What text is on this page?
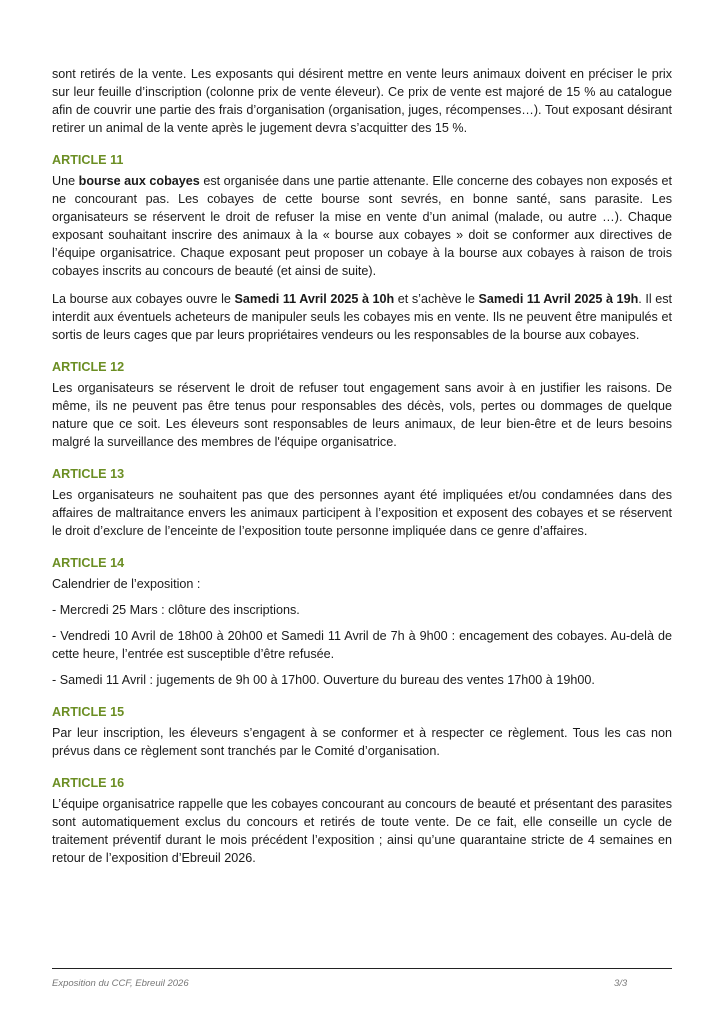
sont retirés de la vente. Les exposants qui désirent mettre en vente leurs animaux doivent en préciser le prix sur leur feuille d’inscription (colonne prix de vente éleveur). Ce prix de vente est majoré de 15 % au catalogue afin de couvrir une partie des frais d’organisation (organisation, juges, récompenses…). Tout exposant désirant retirer un animal de la vente après le jugement devra s’acquitter des 15 %.

ARTICLE 11

Une bourse aux cobayes est organisée dans une partie attenante. Elle concerne des cobayes non exposés et ne concourant pas. Les cobayes de cette bourse sont sevrés, en bonne santé, sans parasite. Les organisateurs se réservent le droit de refuser la mise en vente d’un animal (malade, ou autre …). Chaque exposant souhaitant inscrire des animaux à la « bourse aux cobayes » doit se conformer aux directives de l’équipe organisatrice. Chaque exposant peut proposer un cobaye à la bourse aux cobayes à raison de trois cobayes inscrits au concours de beauté (et ainsi de suite).

La bourse aux cobayes ouvre le Samedi 11 Avril 2025 à 10h et s’achève le Samedi 11 Avril 2025 à 19h. Il est interdit aux éventuels acheteurs de manipuler seuls les cobayes mis en vente. Ils ne peuvent être manipulés et sortis de leurs cages que par leurs propriétaires vendeurs ou les responsables de la bourse aux cobayes.

ARTICLE 12

Les organisateurs se réservent le droit de refuser tout engagement sans avoir à en justifier les raisons. De même, ils ne peuvent pas être tenus pour responsables des décès, vols, pertes ou dommages de quelque nature que ce soit. Les éleveurs sont responsables de leurs animaux, de leur bien-être et de leurs besoins malgré la surveillance des membres de l'équipe organisatrice.

ARTICLE 13

Les organisateurs ne souhaitent pas que des personnes ayant été impliquées et/ou condamnées dans des affaires de maltraitance envers les animaux participent à l’exposition et exposent des cobayes et se réservent le droit d’exclure de l’enceinte de l’exposition toute personne impliquée dans ce genre d’affaires.

ARTICLE 14

Calendrier de l’exposition :

- Mercredi 25 Mars : clôture des inscriptions.

- Vendredi 10 Avril de 18h00 à 20h00 et Samedi 11 Avril de 7h à 9h00 : encagement des cobayes. Au-delà de cette heure, l’entrée est susceptible d’être refusée.

- Samedi 11 Avril : jugements de 9h 00 à 17h00. Ouverture du bureau des ventes 17h00 à 19h00.

ARTICLE 15

Par leur inscription, les éleveurs s’engagent à se conformer et à respecter ce règlement. Tous les cas non prévus dans ce règlement sont tranchés par le Comité d’organisation.

ARTICLE 16

L’équipe organisatrice rappelle que les cobayes concourant au concours de beauté et présentant des parasites sont automatiquement exclus du concours et retirés de toute vente. De ce fait, elle conseille un cycle de traitement préventif durant le mois précédent l’exposition ; ainsi qu’une quarantaine stricte de 4 semaines en retour de l’exposition d’Ebreuil 2026.

Exposition du CCF, Ebreuil 2026	3/3
